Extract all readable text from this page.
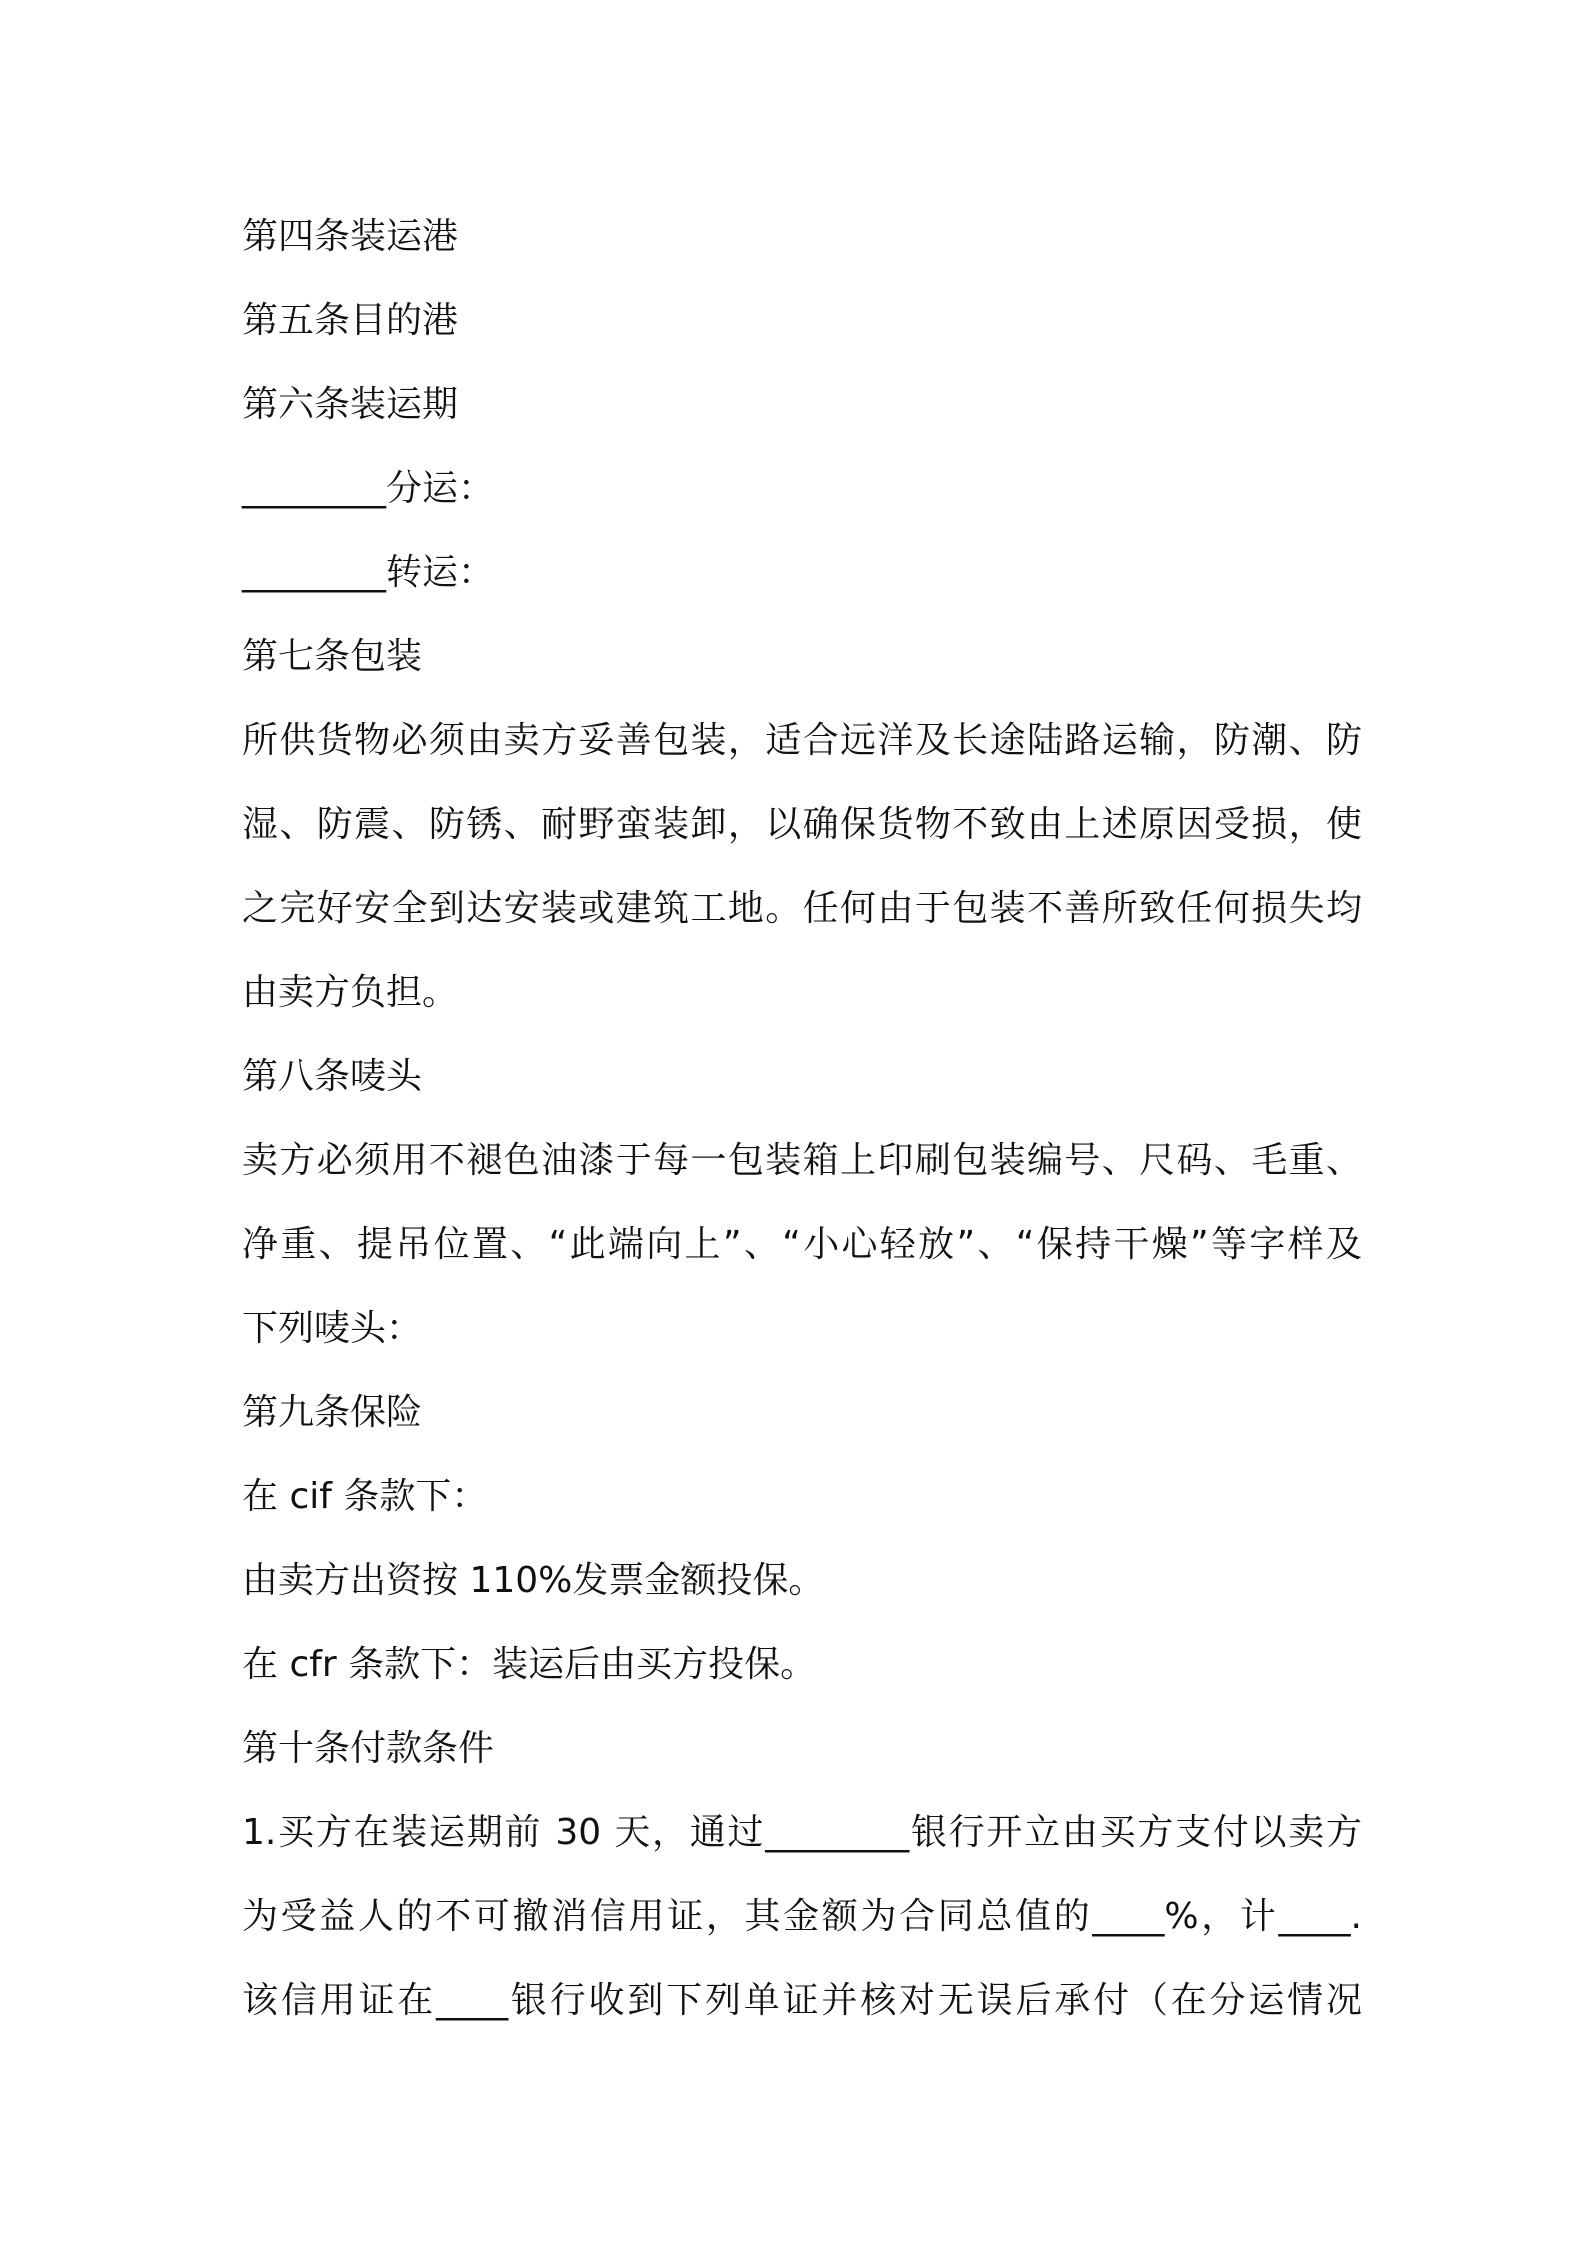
第四条装运港
第五条目的港
第六条装运期
________分运：
________转运：
第七条包装
所供货物必须由卖方妥善包装，适合远洋及长途陆路运输，防潮、防
湿、防震、防锈、耐野蛮装卸，以确保货物不致由上述原因受损，使
之完好安全到达安装或建筑工地。任何由于包装不善所致任何损失均
由卖方负担。
第八条唛头
卖方必须用不褪色油漆于每一包装箱上印刷包装编号、尺码、毛重、
净重、提吊位置、“此端向上”、“小心轻放”、“保持干燥”等字样及
下列唛头：
第九条保险
在 cif 条款下：
由卖方出资按 110%发票金额投保。
在 cfr 条款下：装运后由买方投保。
第十条付款条件
1.买方在装运期前 30 天，通过________银行开立由买方支付以卖方
为受益人的不可撤消信用证，其金额为合同总值的____%，计____.
该信用证在____银行收到下列单证并核对无误后承付（在分运情况
